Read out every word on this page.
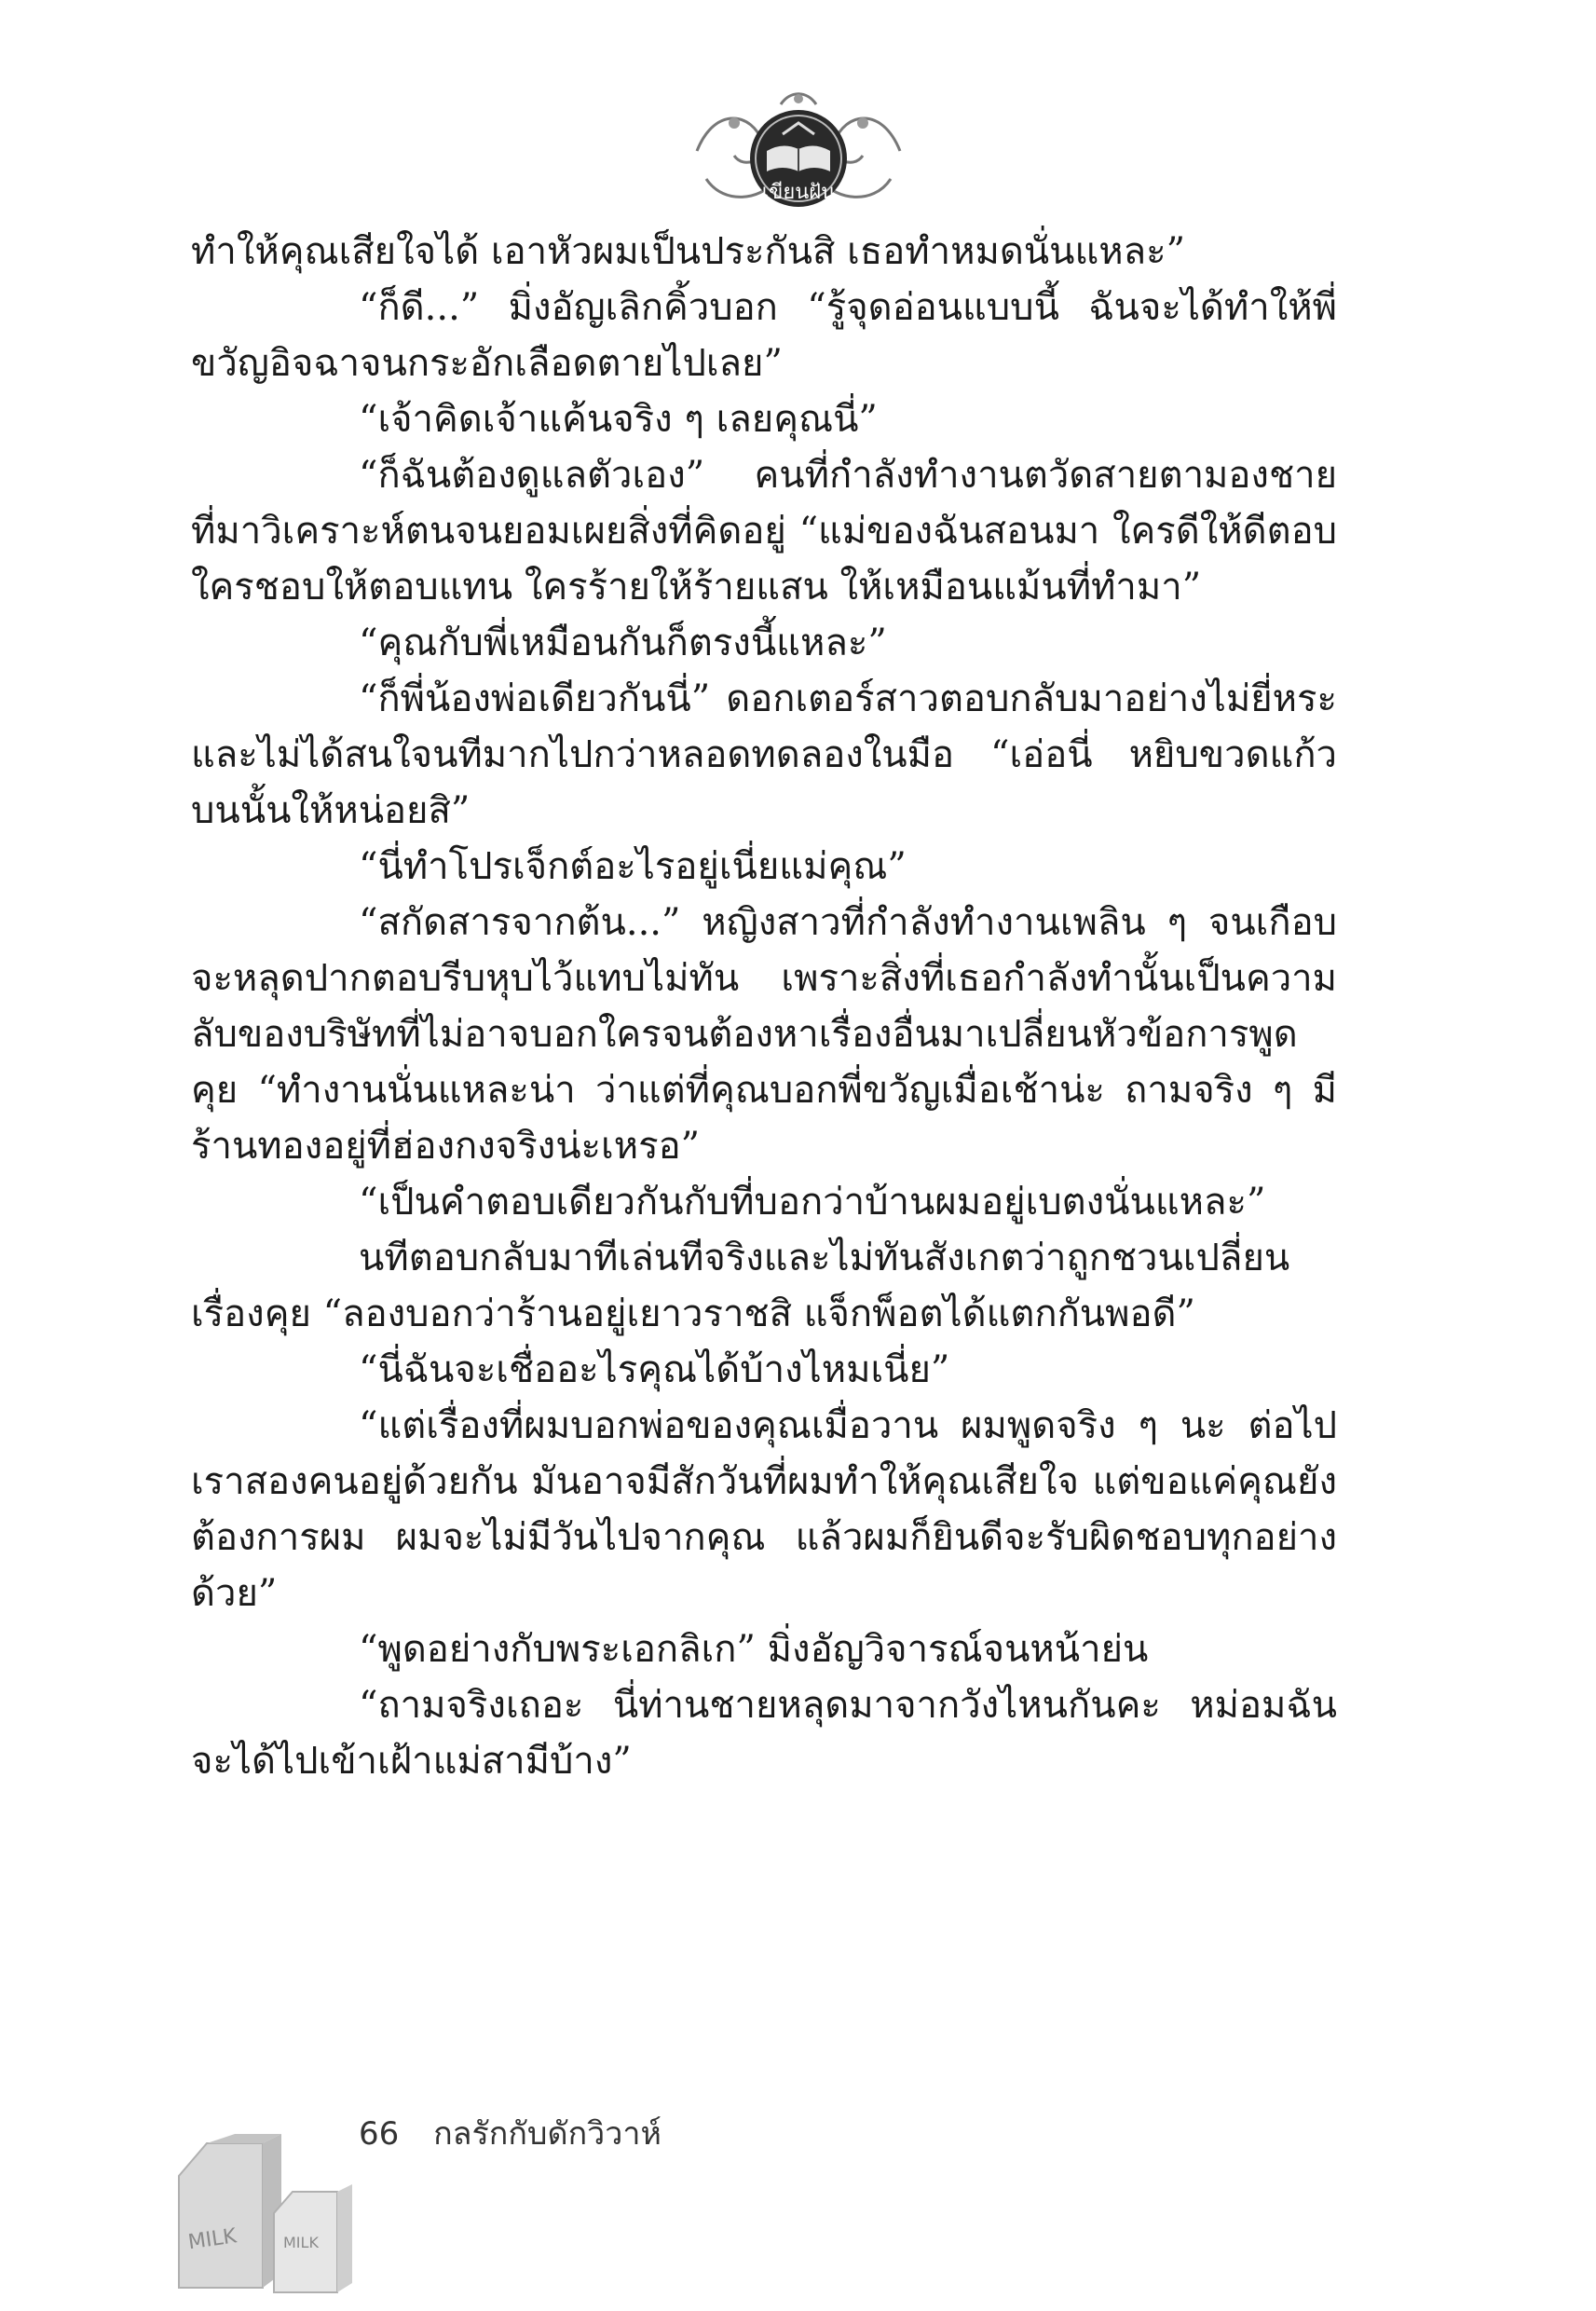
เขียนฝัน

ทำให้คุณเสียใจได้ เอาหัวผมเป็นประกันสิ เธอทำหมดนั่นแหละ”

“ก็ดี...” มิ่งอัญเลิกคิ้วบอก “รู้จุดอ่อนแบบนี้ ฉันจะได้ทำให้พี่ขวัญอิจฉาจนกระอักเลือดตายไปเลย”

“เจ้าคิดเจ้าแค้นจริง ๆ เลยคุณนี่”

“ก็ฉันต้องดูแลตัวเอง” คนที่กำลังทำงานตวัดสายตามองชายที่มาวิเคราะห์ตนจนยอมเผยสิ่งที่คิดอยู่ “แม่ของฉันสอนมา ใครดีให้ดีตอบ ใครชอบให้ตอบแทน ใครร้ายให้ร้ายแสน ให้เหมือนแม้นที่ทำมา”

“คุณกับพี่เหมือนกันก็ตรงนี้แหละ”

“ก็พี่น้องพ่อเดียวกันนี่” ดอกเตอร์สาวตอบกลับมาอย่างไม่ยี่หระและไม่ได้สนใจนทีมากไปกว่าหลอดทดลองในมือ “เอ่อนี่ หยิบขวดแก้วบนนั้นให้หน่อยสิ”

“นี่ทำโปรเจ็กต์อะไรอยู่เนี่ยแม่คุณ”

“สกัดสารจากต้น...” หญิงสาวที่กำลังทำงานเพลิน ๆ จนเกือบจะหลุดปากตอบรีบหุบไว้แทบไม่ทัน เพราะสิ่งที่เธอกำลังทำนั้นเป็นความลับของบริษัทที่ไม่อาจบอกใครจนต้องหาเรื่องอื่นมาเปลี่ยนหัวข้อการพูดคุย “ทำงานนั่นแหละน่า ว่าแต่ที่คุณบอกพี่ขวัญเมื่อเช้าน่ะ ถามจริง ๆ มีร้านทองอยู่ที่ฮ่องกงจริงน่ะเหรอ”

“เป็นคำตอบเดียวกันกับที่บอกว่าบ้านผมอยู่เบตงนั่นแหละ”

นทีตอบกลับมาทีเล่นทีจริงและไม่ทันสังเกตว่าถูกชวนเปลี่ยนเรื่องคุย “ลองบอกว่าร้านอยู่เยาวราชสิ แจ็กพ็อตได้แตกกันพอดี”

“นี่ฉันจะเชื่ออะไรคุณได้บ้างไหมเนี่ย”

“แต่เรื่องที่ผมบอกพ่อของคุณเมื่อวาน ผมพูดจริง ๆ นะ ต่อไปเราสองคนอยู่ด้วยกัน มันอาจมีสักวันที่ผมทำให้คุณเสียใจ แต่ขอแค่คุณยังต้องการผม ผมจะไม่มีวันไปจากคุณ แล้วผมก็ยินดีจะรับผิดชอบทุกอย่างด้วย”

“พูดอย่างกับพระเอกลิเก” มิ่งอัญวิจารณ์จนหน้าย่น

“ถามจริงเถอะ นี่ท่านชายหลุดมาจากวังไหนกันคะ หม่อมฉันจะได้ไปเข้าเฝ้าแม่สามีบ้าง”

MILK	MILK
66 กลรักกับดักวิวาห์
